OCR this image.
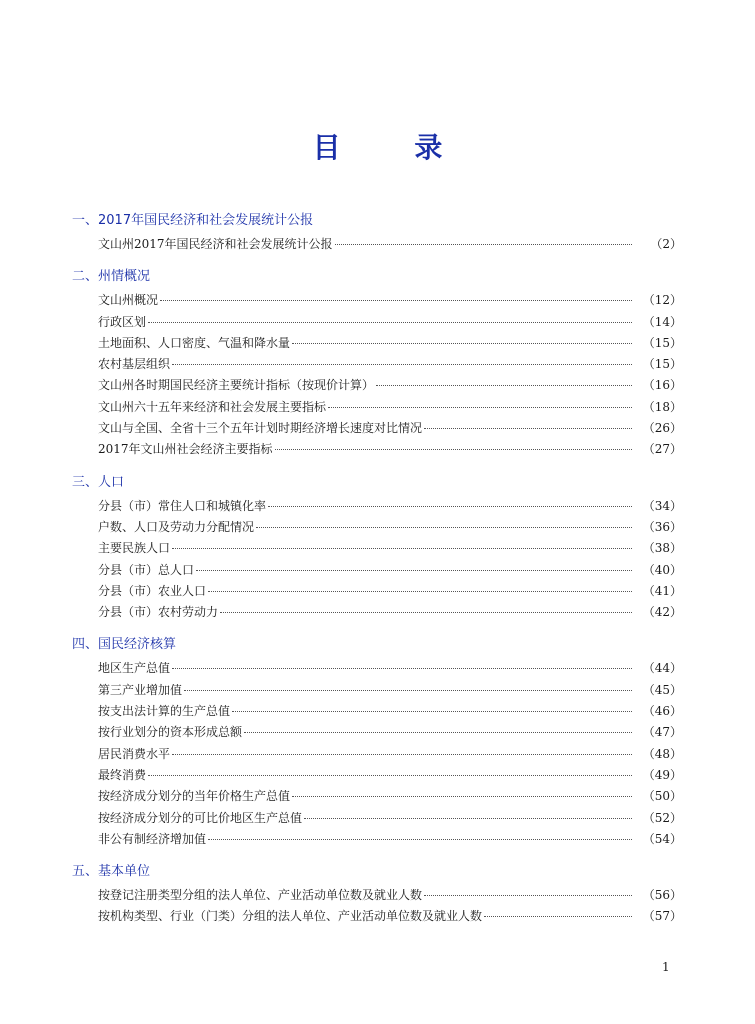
目 录
一、2017年国民经济和社会发展统计公报
文山州2017年国民经济和社会发展统计公报	（2）
二、州情概况
文山州概况	（12）
行政区划	（14）
土地面积、人口密度、气温和降水量	（15）
农村基层组织	（15）
文山州各时期国民经济主要统计指标（按现价计算）	（16）
文山州六十五年来经济和社会发展主要指标	（18）
文山与全国、全省十三个五年计划时期经济增长速度对比情况	（26）
2017年文山州社会经济主要指标	（27）
三、人口
分县（市）常住人口和城镇化率	（34）
户数、人口及劳动力分配情况	（36）
主要民族人口	（38）
分县（市）总人口	（40）
分县（市）农业人口	（41）
分县（市）农村劳动力	（42）
四、国民经济核算
地区生产总值	（44）
第三产业增加值	（45）
按支出法计算的生产总值	（46）
按行业划分的资本形成总额	（47）
居民消费水平	（48）
最终消费	（49）
按经济成分划分的当年价格生产总值	（50）
按经济成分划分的可比价地区生产总值	（52）
非公有制经济增加值	（54）
五、基本单位
按登记注册类型分组的法人单位、产业活动单位数及就业人数	（56）
按机构类型、行业（门类）分组的法人单位、产业活动单位数及就业人数	（57）
1
